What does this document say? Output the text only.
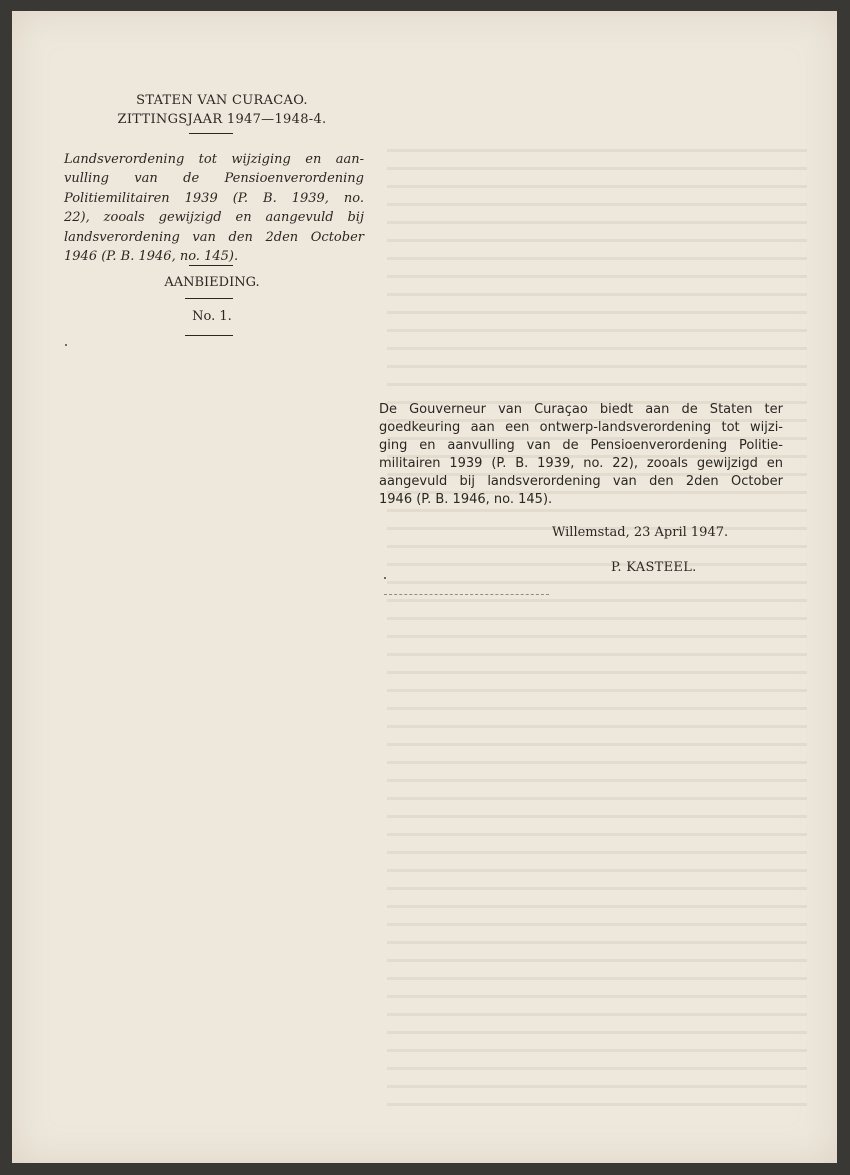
STATEN VAN CURACAO.
ZITTINGSJAAR 1947—1948-4.
Landsverordening tot wijziging en aan-
vulling van de Pensioenverordening
Politiemilitairen 1939 (P. B. 1939, no.
22), zooals gewijzigd en aangevuld bij
landsverordening van den 2den October
1946 (P. B. 1946, no. 145).
AANBIEDING.
No. 1.
De Gouverneur van Curaçao biedt aan de Staten ter
goedkeuring aan een ontwerp-landsverordening tot wijzi-
ging en aanvulling van de Pensioenverordening Politie-
militairen 1939 (P. B. 1939, no. 22), zooals gewijzigd en
aangevuld bij landsverordening van den 2den October
1946 (P. B. 1946, no. 145).
Willemstad, 23 April 1947.
P. KASTEEL.
